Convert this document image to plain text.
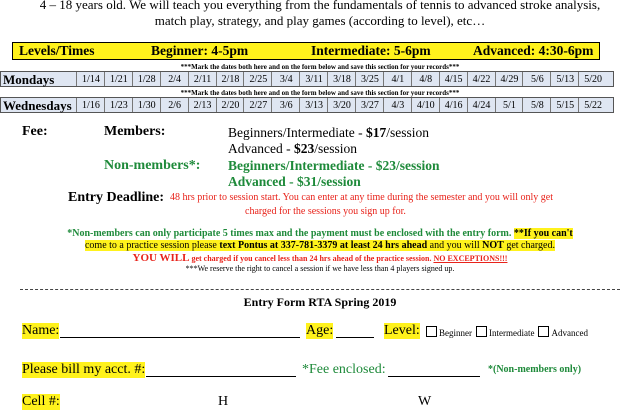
4 – 18 years old. We will teach you everything from the fundamentals of tennis to advanced stroke analysis,
match play, strategy, and play games (according to level), etc…
Levels/Times	Beginner: 4-5pm	Intermediate: 5-6pm	Advanced: 4:30-6pm
***Mark the dates both here and on the form below and save this section for your records***
Mondays	1/14	1/21	1/28	2/4	2/11	2/18	2/25	3/4	3/11	3/18	3/25	4/1	4/8	4/15	4/22	4/29	5/6	5/13	5/20
***Mark the dates both here and on the form below and save this section for your records***
Wednesdays	1/16	1/23	1/30	2/6	2/13	2/20	2/27	3/6	3/13	3/20	3/27	4/3	4/10	4/16	4/24	5/1	5/8	5/15	5/22
Fee:	Members:	Beginners/Intermediate - $17/session
Advanced - $23/session
Non-members*: Beginners/Intermediate - $23/session
Advanced - $31/session
Entry Deadline: 48 hrs prior to session start. You can enter at any time during the semester and you will only get
charged for the sessions you sign up for.
*Non-members can only participate 5 times max and the payment must be enclosed with the entry form. **If you can't
come to a practice session please text Pontus at 337-781-3379 at least 24 hrs ahead and you will NOT get charged.
YOU WILL get charged if you cancel less than 24 hrs ahead of the practice session. NO EXCEPTIONS!!!
***We reserve the right to cancel a session if we have less than 4 players signed up.
Entry Form RTA Spring 2019
Name:	Age:	Level:	Beginner Intermediate Advanced
Please bill my acct. #:	*Fee enclosed:	*(Non-members only)
Cell #:	H	W
